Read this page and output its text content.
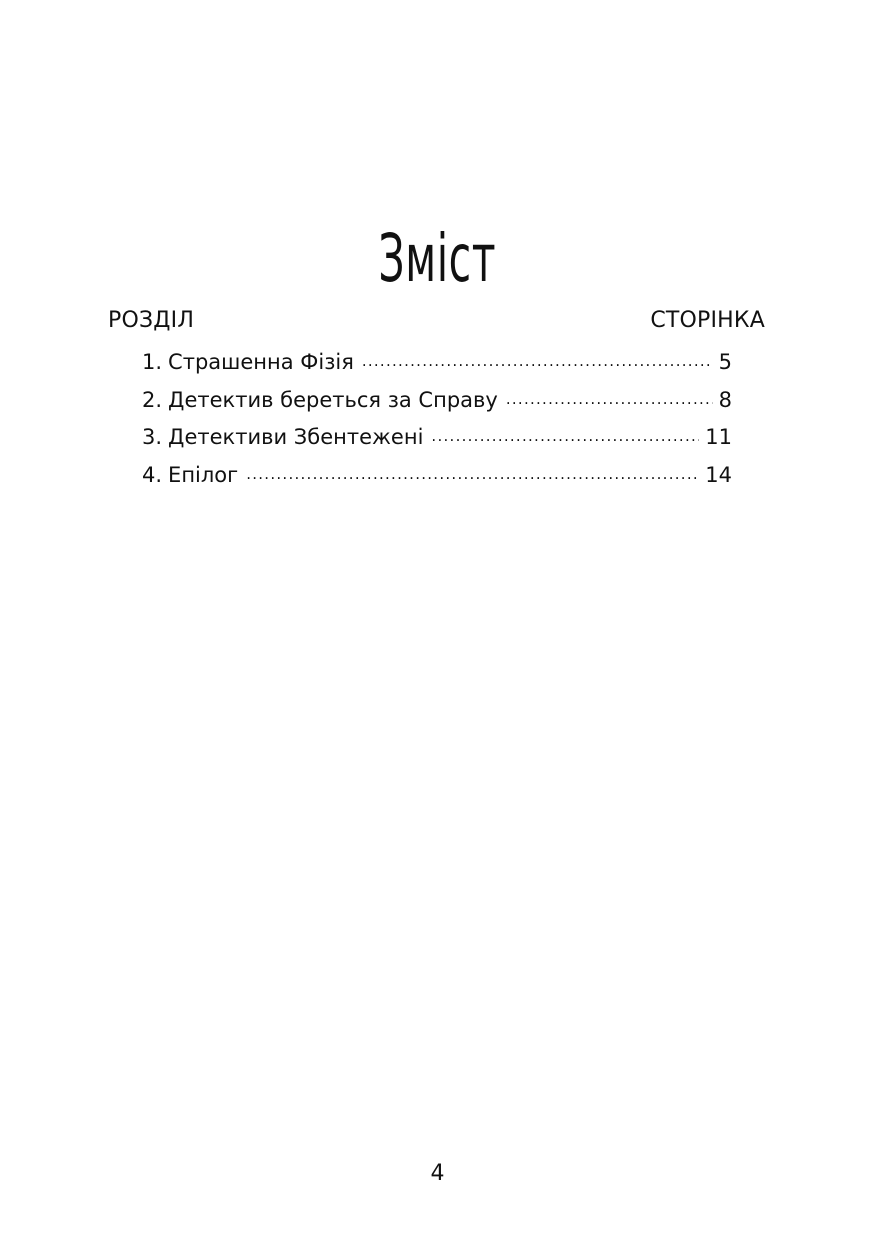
Зміст
РОЗДІЛ	СТОРІНКА
1. Страшенна Фізія . . .	5
2. Детектив береться за Справу . . .	8
3. Детективи Збентежені . . .	11
4. Епілог . . .	14
4
